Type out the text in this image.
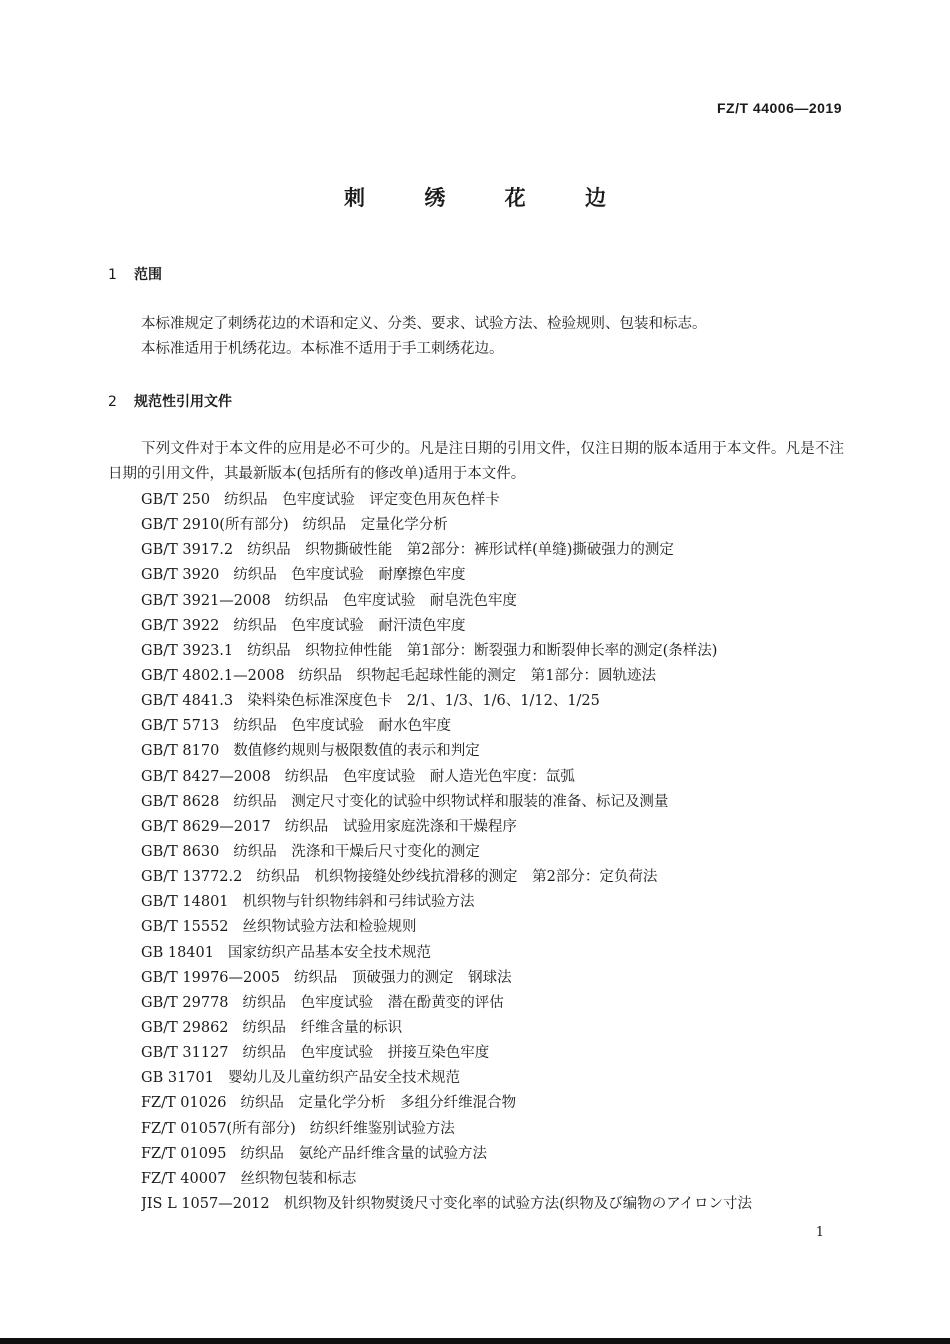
FZ/T 44006—2019
刺 绣 花 边
1 范围
本标准规定了刺绣花边的术语和定义、分类、要求、试验方法、检验规则、包装和标志。
本标准适用于机绣花边。本标准不适用于手工刺绣花边。
2 规范性引用文件
下列文件对于本文件的应用是必不可少的。凡是注日期的引用文件，仅注日期的版本适用于本文件。凡是不注日期的引用文件，其最新版本(包括所有的修改单)适用于本文件。
GB/T 250 纺织品 色牢度试验 评定变色用灰色样卡
GB/T 2910(所有部分) 纺织品 定量化学分析
GB/T 3917.2 纺织品 织物撕破性能 第2部分：裤形试样(单缝)撕破强力的测定
GB/T 3920 纺织品 色牢度试验 耐摩擦色牢度
GB/T 3921—2008 纺织品 色牢度试验 耐皂洗色牢度
GB/T 3922 纺织品 色牢度试验 耐汗渍色牢度
GB/T 3923.1 纺织品 织物拉伸性能 第1部分：断裂强力和断裂伸长率的测定(条样法)
GB/T 4802.1—2008 纺织品 织物起毛起球性能的测定 第1部分：圆轨迹法
GB/T 4841.3 染料染色标准深度色卡 2/1、1/3、1/6、1/12、1/25
GB/T 5713 纺织品 色牢度试验 耐水色牢度
GB/T 8170 数值修约规则与极限数值的表示和判定
GB/T 8427—2008 纺织品 色牢度试验 耐人造光色牢度：氙弧
GB/T 8628 纺织品 测定尺寸变化的试验中织物试样和服装的准备、标记及测量
GB/T 8629—2017 纺织品 试验用家庭洗涤和干燥程序
GB/T 8630 纺织品 洗涤和干燥后尺寸变化的测定
GB/T 13772.2 纺织品 机织物接缝处纱线抗滑移的测定 第2部分：定负荷法
GB/T 14801 机织物与针织物纬斜和弓纬试验方法
GB/T 15552 丝织物试验方法和检验规则
GB 18401 国家纺织产品基本安全技术规范
GB/T 19976—2005 纺织品 顶破强力的测定 钢球法
GB/T 29778 纺织品 色牢度试验 潜在酚黄变的评估
GB/T 29862 纺织品 纤维含量的标识
GB/T 31127 纺织品 色牢度试验 拼接互染色牢度
GB 31701 婴幼儿及儿童纺织产品安全技术规范
FZ/T 01026 纺织品 定量化学分析 多组分纤维混合物
FZ/T 01057(所有部分) 纺织纤维鉴别试验方法
FZ/T 01095 纺织品 氨纶产品纤维含量的试验方法
FZ/T 40007 丝织物包装和标志
JIS L 1057—2012 机织物及针织物熨烫尺寸变化率的试验方法(织物及び编物のアイロン寸法
1
